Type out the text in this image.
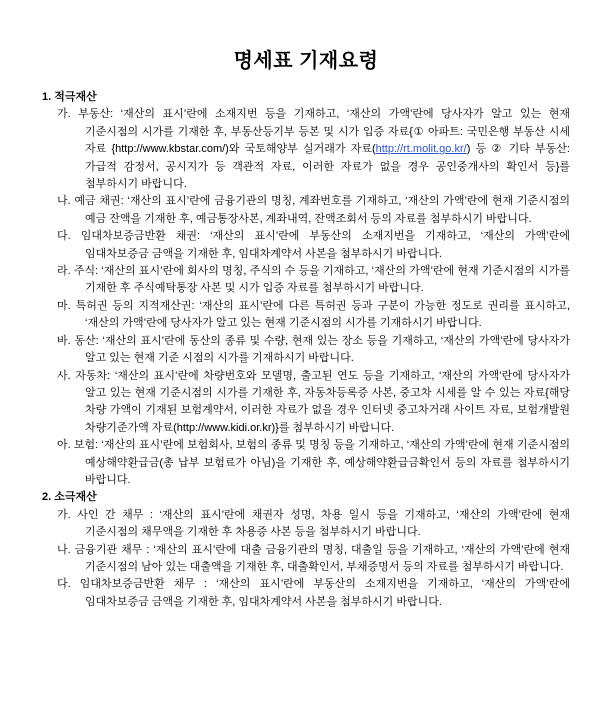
명세표 기재요령
1. 적극재산

가. 부동산: ‘재산의 표시’란에 소재지번 등을 기재하고, ‘재산의 가액’란에 당사자가 알고 있는 현재 기준시점의 시가를 기재한 후, 부동산등기부 등본 및 시가 입증 자료{① 아파트: 국민은행 부동산 시세 자료 {http://www.kbstar.com/)와 국토해양부 실거래가 자료(http://rt.molit.go.kr/) 등 ② 기타 부동산: 가급적 감정서, 공시지가 등 객관적 자료, 이러한 자료가 없을 경우 공인중개사의 확인서 등}를 첨부하시기 바랍니다.

나. 예금 채권: ‘재산의 표시’란에 금융기관의 명칭, 계좌번호를 기재하고, ‘재산의 가액’란에 현재 기준시점의 예금 잔액을 기재한 후, 예금통장사본, 계좌내역, 잔액조회서 등의 자료를 첨부하시기 바랍니다.

다. 임대차보증금반환 채권: ‘재산의 표시’란에 부동산의 소재지번을 기재하고, ‘재산의 가액’란에 임대차보증금 금액을 기재한 후, 임대차계약서 사본을 첨부하시기 바랍니다.

라. 주식: ‘재산의 표시’란에 회사의 명칭, 주식의 수 등을 기재하고, ‘재산의 가액’란에 현재 기준시점의 시가를 기재한 후 주식예탁통장 사본 및 시가 입증 자료를 첨부하시기 바랍니다.

마. 특허권 등의 지적재산권: ‘재산의 표시’란에 다른 특허권 등과 구분이 가능한 정도로 권리를 표시하고, ‘재산의 가액’란에 당사자가 알고 있는 현재 기준시점의 시가를 기재하시기 바랍니다.

바. 동산: ‘재산의 표시’란에 동산의 종류 및 수량, 현재 있는 장소 등을 기재하고, ‘재산의 가액’란에 당사자가 알고 있는 현재 기준 시점의 시가를 기재하시기 바랍니다.

사. 자동차: ‘재산의 표시’란에 차량번호와 모델명, 출고된 연도 등을 기재하고, ‘재산의 가액’란에 당사자가 알고 있는 현재 기준시점의 시가를 기재한 후, 자동차등록증 사본, 중고차 시세를 알 수 있는 자료{해당 차량 가액이 기재된 보험계약서, 이러한 자료가 없을 경우 인터넷 중고차거래 사이트 자료, 보험개발원 차량기준가액 자료(http://www.kidi.or.kr)}를 첨부하시기 바랍니다.

아. 보험: ‘재산의 표시’란에 보험회사, 보험의 종류 및 명칭 등을 기재하고, ‘재산의 가액’란에 현재 기준시점의 예상해약환급금(총 납부 보험료가 아님)을 기재한 후, 예상해약환급금확인서 등의 자료를 첨부하시기 바랍니다.

2. 소극재산

가. 사인 간 채무 : ‘재산의 표시’란에 채권자 성명, 차용 일시 등을 기재하고, ‘재산의 가액’란에 현재 기준시점의 채무액을 기재한 후 차용증 사본 등을 첨부하시기 바랍니다.

나. 금융기관 채무 : ‘재산의 표시’란에 대출 금융기관의 명칭, 대출일 등을 기재하고, ‘재산의 가액’란에 현재 기준시점의 남아 있는 대출액을 기재한 후, 대출확인서, 부채증명서 등의 자료를 첨부하시기 바랍니다.

다. 임대차보증금반환 채무 : ‘재산의 표시’란에 부동산의 소재지번을 기재하고, ‘재산의 가액’란에 임대차보증금 금액을 기재한 후, 임대차계약서 사본을 첨부하시기 바랍니다.
